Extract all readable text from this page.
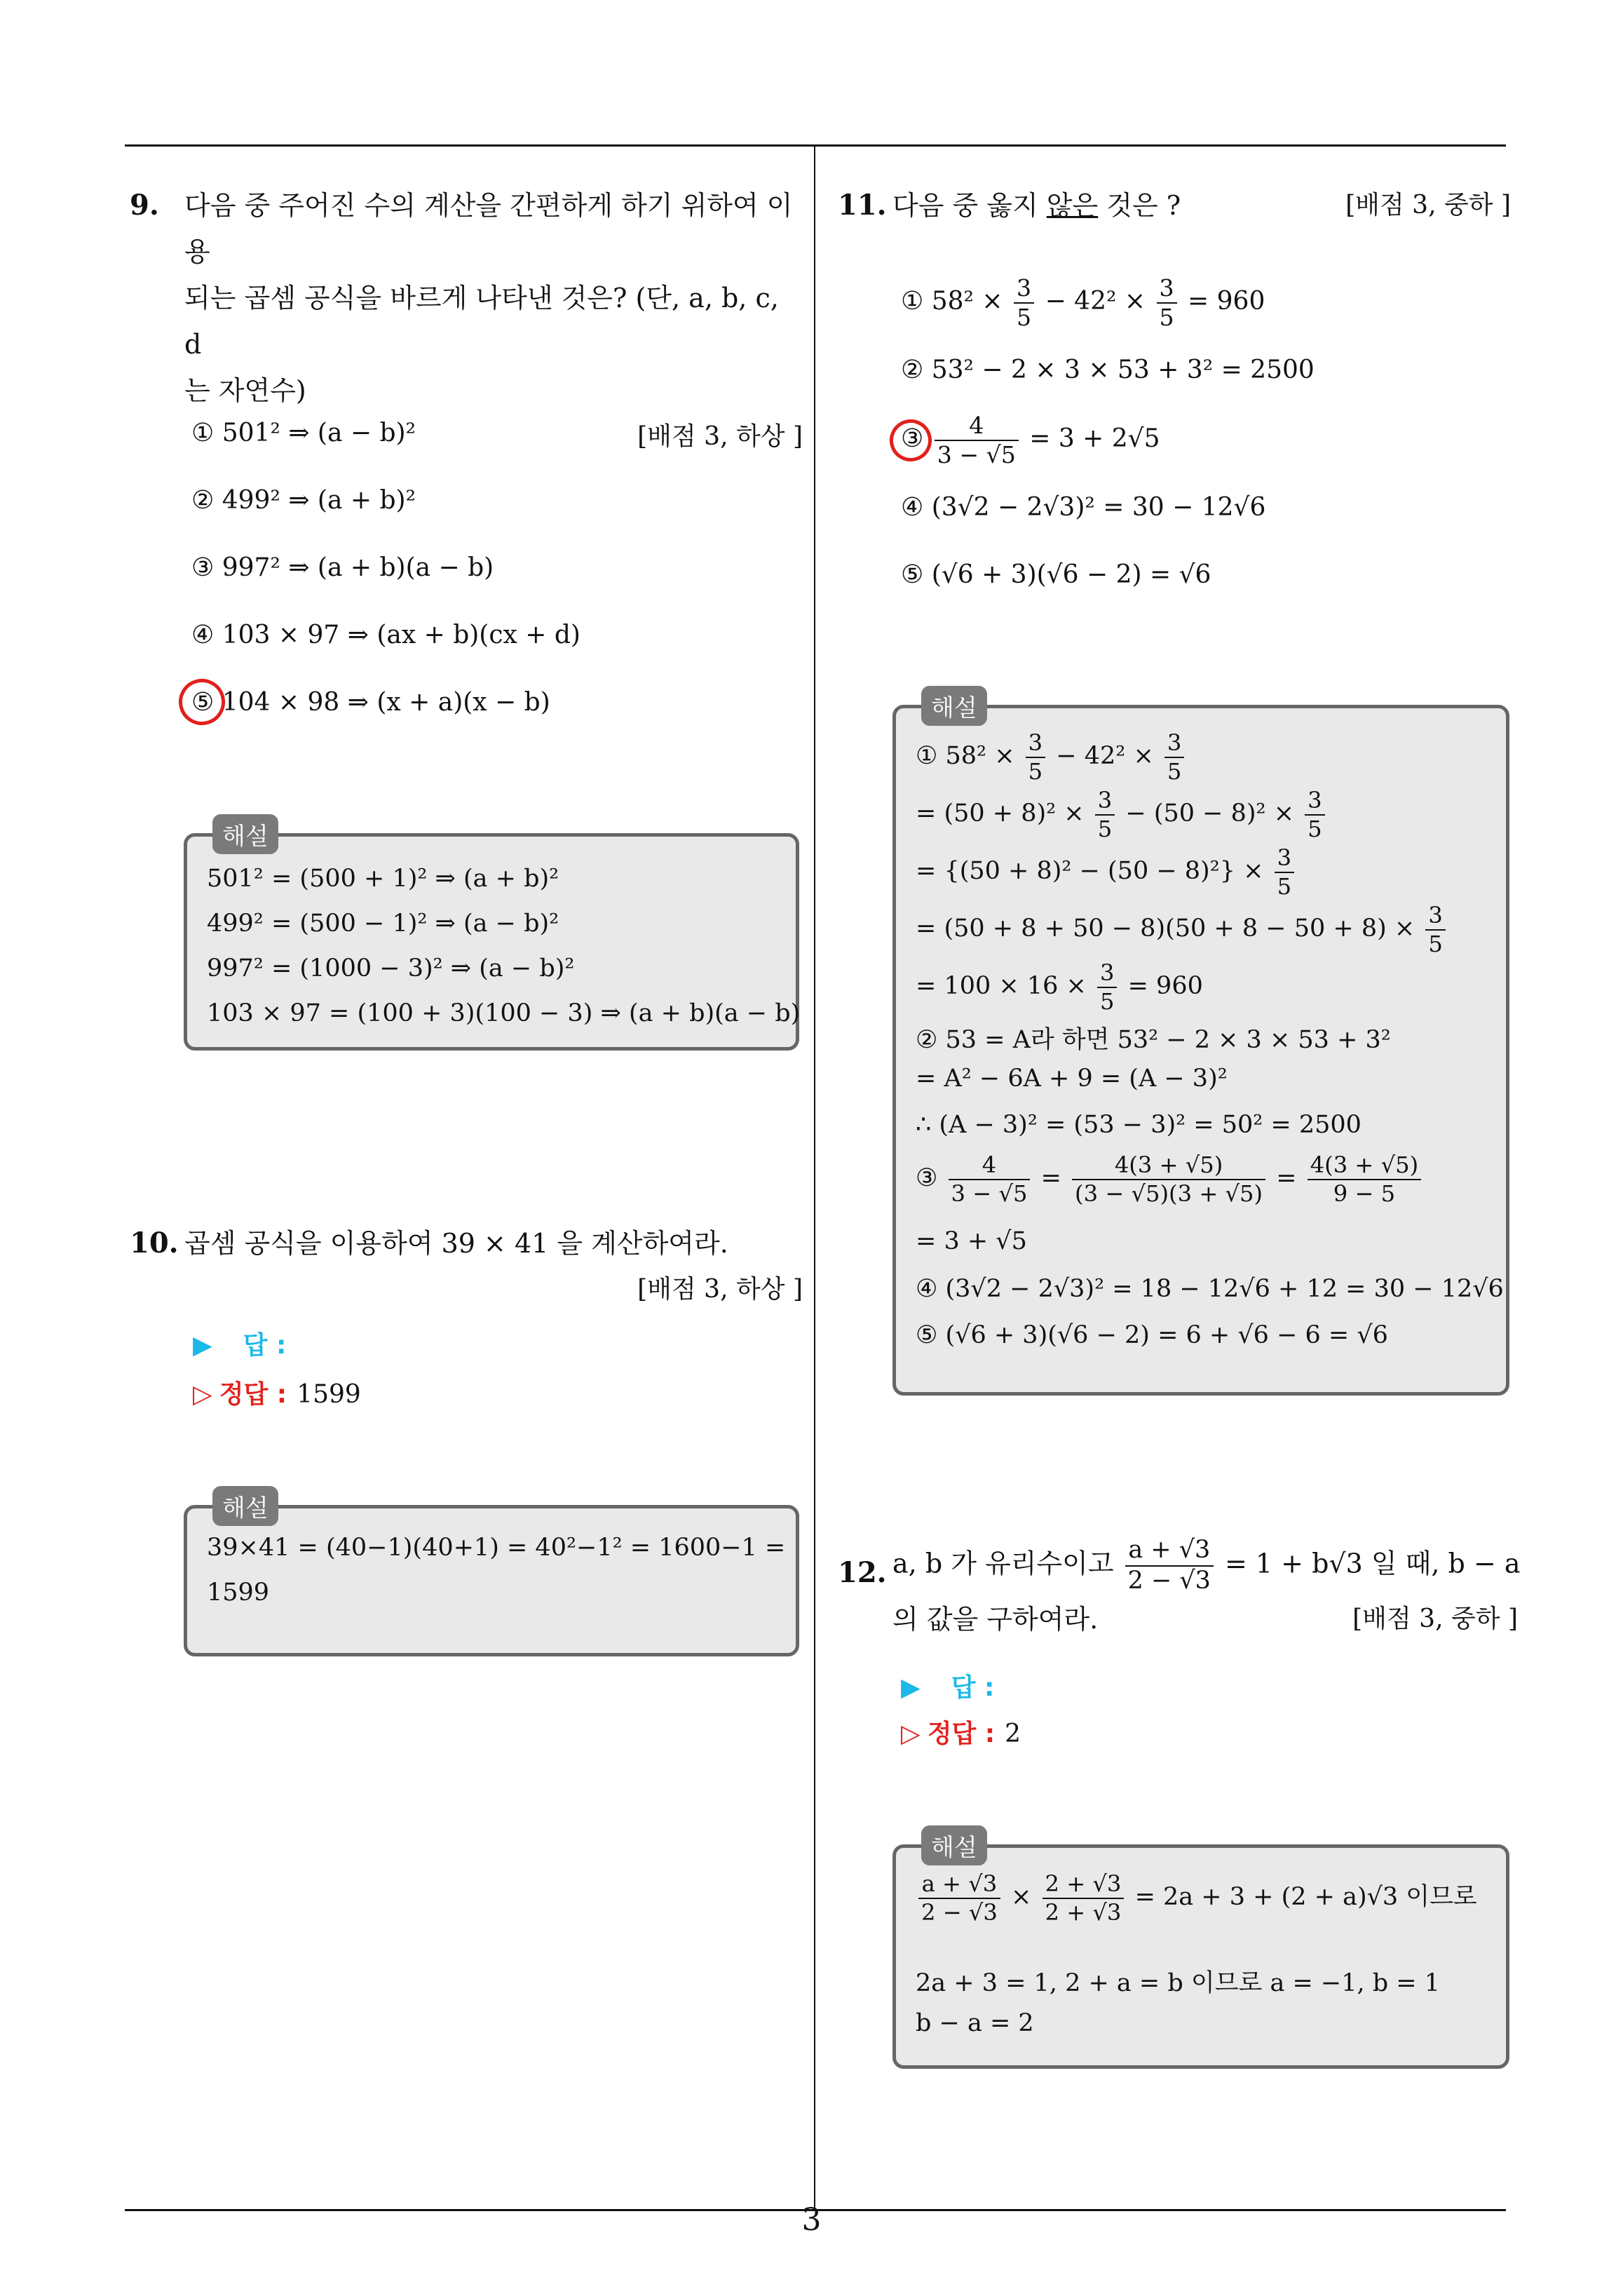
9. 다음 중 주어진 수의 계산을 간편하게 하기 위하여 이용
되는 곱셈 공식을 바르게 나타낸 것은? (단, a, b, c, d
는 자연수)
[배점 3, 하상 ]
① 501² ⇒ (a − b)²
② 499² ⇒ (a + b)²
③ 997² ⇒ (a + b)(a − b)
④ 103 × 97 ⇒ (ax + b)(cx + d)
⑤ 104 × 98 ⇒ (x + a)(x − b)
해설
501² = (500 + 1)² ⇒ (a + b)²
499² = (500 − 1)² ⇒ (a − b)²
997² = (1000 − 3)² ⇒ (a − b)²
103 × 97 = (100 + 3)(100 − 3) ⇒ (a + b)(a − b)
10. 곱셈 공식을 이용하여 39 × 41 을 계산하여라.
[배점 3, 하상 ]
▶ 답 :
▷ 정답 : 1599
해설
39×41 = (40−1)(40+1) = 40²−1² = 1600−1 =
1599
11. 다음 중 옳지 않은 것은 ?	[배점 3, 중하 ]
① $58^2 \times \frac{3}{5} - 42^2 \times \frac{3}{5} = 960$
② 53² − 2 × 3 × 53 + 3² = 2500
③ $\frac{4}{3 - √5} = 3 + 2√5$
④ (3√2 − 2√3)² = 30 − 12√6
⑤ (√6 + 3)(√6 − 2) = √6
해설
① $58^2 \times \frac{3}{5} - 42^2 \times \frac{3}{5}$
= $(50 + 8)^2 \times \frac{3}{5} - (50 - 8)^2 \times \frac{3}{5}$
= $\{(50 + 8)^2 - (50 - 8)^2\} \times \frac{3}{5}$
= $(50 + 8 + 50 - 8)(50 + 8 - 50 + 8) \times \frac{3}{5}$
= $100 \times 16 \times \frac{3}{5} = 960$
② 53 = A라 하면 53² − 2 × 3 × 53 + 3²
= A² − 6A + 9 = (A − 3)²
∴ (A − 3)² = (53 − 3)² = 50² = 2500
③ $\frac{4}{3 - √5} = \frac{4(3 + √5)}{(3 - √5)(3 + √5)} = \frac{4(3 + √5)}{9 - 5}$
= 3 + √5
④ (3√2 − 2√3)² = 18 − 12√6 + 12 = 30 − 12√6
⑤ (√6 + 3)(√6 − 2) = 6 + √6 − 6 = √6
12. a, b 가 유리수이고 $\frac{a + √3}{2 - √3} = 1 + b√3$ 일 때, b − a
의 값을 구하여라.	[배점 3, 중하 ]
▶ 답 :
▷ 정답 : 2
해설
$\frac{a + √3}{2 - √3} \times \frac{2 + √3}{2 + √3} = 2a + 3 + (2 + a)√3$ 이므로
2a + 3 = 1, 2 + a = b 이므로 a = −1, b = 1
b − a = 2
3
